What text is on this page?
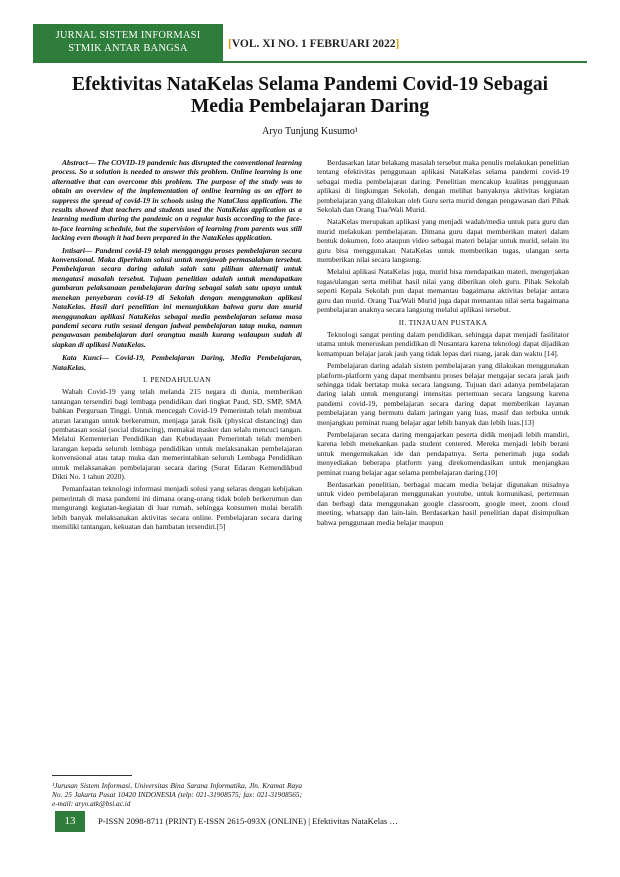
JURNAL SISTEM INFORMASI
STMIK ANTAR BANGSA	[VOL. XI NO. 1 FEBRUARI 2022]
Efektivitas NataKelas Selama Pandemi Covid-19 Sebagai
Media Pembelajaran Daring
Aryo Tunjung Kusumo¹

Abstract— The COVID-19 pandemic has disrupted the conventional learning process. So a solution is needed to answer this problem. Online learning is one alternative that can overcome this problem. The purpose of the study was to obtain an overview of the implementation of online learning as an effort to suppress the spread of covid-19 in schools using the NataClass application. The results showed that teachers and students used the NataKelas application as a learning medium during the pandemic on a regular basis according to the face-to-face learning schedule, but the supervision of learning from parents was still lacking even though it had been prepared in the NataKelas application.

Intisari— Pandemi covid-19 telah mengganggu proses pembelajaran secara konvensional. Maka diperlukan solusi untuk menjawab permasalahan tersebut. Pembelajaran secara daring adalah salah satu pilihan alternatif untuk mengatasi masalah tersebut. Tujuan penelitian adalah untuk mendapatkan gambaran pelaksanaan pembelajaran daring sebagai salah satu upaya untuk menekan penyebaran covid-19 di Sekolah dengan menggunakan aplikasi NataKelas. Hasil dari penelitian ini menunjukkan bahwa guru dan murid menggunakan aplikasi NataKelas sebagai media pembelajaran selama masa pandemi secara rutin sesuai dengan jadwal pembelajaran tatap muka, namun pengawasan pembelajaran dari orangtua masih kurang walaupun sudah di siapkan di aplikasi NataKelas.

Kata Kunci— Covid-19, Pembelajaran Daring, Media Pembelajaran, NataKelas.

I. PENDAHULUAN

Wabah Covid-19 yang telah melanda 215 negara di dunia, memberikan tantangan tersendiri bagi lembaga pendidikan dari tingkat Paud, SD, SMP, SMA bahkan Perguruan Tinggi. Untuk mencegah Covid-19 Pemerintah telah membuat aturan larangan untuk berkerumun, menjaga jarak fisik (physical distancing) dan pembatasan sosial (social distancing), memakai masker dan selalu mencuci tangan. Melalui Kementerian Pendidikan dan Kebudayaan Pemerintah telah memberi larangan kepada seluruh lembaga pendidikan untuk melaksanakan pembelajaran konvensional atau tatap muka dan memerintahkan seluruh Lembaga Pendidikan untuk melaksanakan pembelajaran secara daring (Surat Edaran Kemendikbud Dikti No. 1 tahun 2020).

Pemanfaatan teknologi informasi menjadi solusi yang selaras dengan kebijakan pemerintah di masa pandemi ini dimana orang-orang tidak boleh berkerumun dan mengurangi kegiatan-kegiatan di luar rumah, sehingga konsumen mulai beralih lebih banyak melaksanakan aktivitas secara online. Pembelajaran secara daring memiliki tantangan, kekuatan dan hambatan tersendiri.[5]

¹Jurusan Sistem Informasi, Universitas Bina Sarana Informatika, Jln. Kramat Raya No. 25 Jakarta Pusat 10420 INDONESIA (telp: 021-3190857​5; fax: 021-31908565; e-mail: aryo.atk@bsi.ac.id

Berdasarkan latar belakang masalah tersebut maka penulis melakukan penelitian tentang efektivitas penggunaan aplikasi NataKelas selama pandemi covid-19 sebagai media pembelajaran daring. Penelitian mencakup kualitas penggunaan aplikasi di lingkungan Sekolah, dengan melihat banyaknya aktivitas kegiatan pembelajaran yang dilakukan oleh Guru serta murid dengan pengawasan dari Pihak Sekolah dan Orang Tua/Wali Murid.

NataKelas merupakan aplikasi yang menjadi wadah/media untuk para guru dan murid melakukan pembelajaran. Dimana guru dapat memberikan materi dalam bentuk dokumen, foto ataupun video sebagai materi belajar untuk murid, selain itu guru bisa menggunakan NataKelas untuk memberikan tugas, ulangan serta memberikan nilai secara langsung.

Melalui aplikasi NataKelas juga, murid bisa mendapatkan materi, mengerjakan tugas/ulangan serta melihat hasil nilai yang diberikan oleh guru. Pihak Sekolah seperti Kepala Sekolah pun dapat memantau bagaimana aktivitas belajar antara guru dan murid. Orang Tua/Wali Murid juga dapat memantau nilai serta bagaimana pembelajaran anaknya secara langsung melalui aplikasi tersebut.

II. TINJAUAN PUSTAKA

Teknologi sangat penting dalam pendidikan, sehingga dapat menjadi fasilitator utama untuk meneruskan pendidikan di Nusantara karena teknologi dapat dijadikan kemampuan belajar jarak jauh yang tidak lepas dari ruang, jarak dan waktu [14].

Pembelajaran daring adalah sistem pembelajaran yang dilakukan menggunakan platform-platform yang dapat membantu proses belajar mengajar secara jarak jauh sehingga tidak bertatap muka secara langsung. Tujuan dari adanya pembelajaran daring ialah untuk mengurangi intensitas pertemuan secara langsung karena pandemi covid-19, pembelajaran secara daring dapat memberikan layanan pembelajaran yang bermutu dalam jaringan yang luas, masif dan terbuka untuk menjangkau peminat ruang belajar agar lebih banyak dan lebih luas.[13]

Pembelajaran secara daring mengajarkan peserta didik menjadi lebih mandiri, karena lebih menekankan pada student centered. Mereka menjadi lebih berani untuk mengemukakan ide dan pendapatnya. Serta penerimah juga sudah menyediakan beberapa platform yang direkomendasikan untuk menjangkau peminat ruang belajar agar selama pembelajaran daring.[10]

Berdasarkan penelitian, berbagai macam media belajar digunakan misalnya untuk video pembelajaran menggunakan youtube, untuk komunikasi, pertemuan dan berbagi data menggunakan google classroom, google meet, zoom cloud meeting, whatsapp dan lain-lain. Berdasarkan hasil penelitian dapat disimpulkan bahwa penggunaan media belajar maupun

13	P-ISSN 2098-8711 (PRINT) E-ISSN 2615-093X (ONLINE) | Efektivitas NataKelas …
